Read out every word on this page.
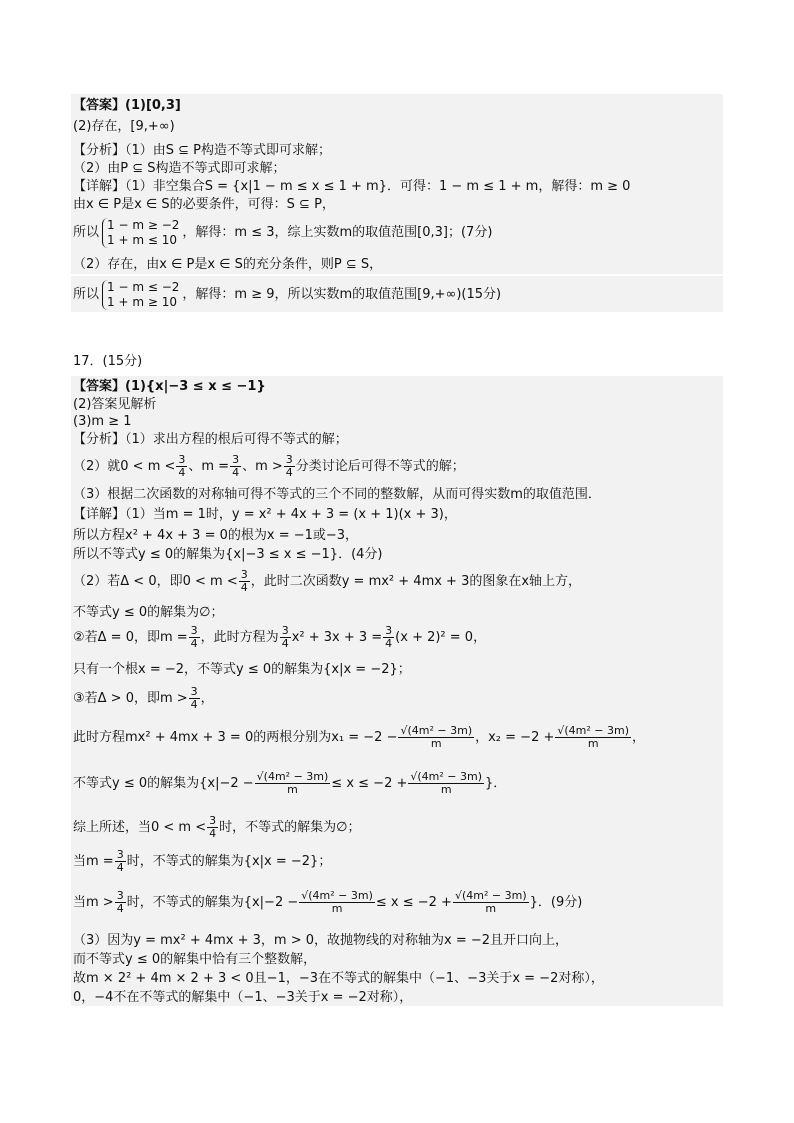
【答案】(1)[0,3]
(2)存在，[9,+∞)
【分析】（1）由S ⊆ P构造不等式即可求解；
（2）由P ⊆ S构造不等式即可求解；
【详解】（1）非空集合S = {x|1 − m ≤ x ≤ 1 + m}．可得：1 − m ≤ 1 + m，解得：m ≥ 0
由x ∈ P是x ∈ S的必要条件，可得：S ⊆ P，
所以
1 − m ≥ −2
1 + m ≤ 10 ，解得：m ≤ 3，综上实数m的取值范围[0,3]；(7分)
（2）存在，由x ∈ P是x ∈ S的充分条件，则P ⊆ S，
所以
1 − m ≤ −2
1 + m ≥ 10 ，解得：m ≥ 9，所以实数m的取值范围[9,+∞)(15分)
17．(15分)
【答案】(1){x|−3 ≤ x ≤ −1}
(2)答案见解析
(3)m ≥ 1
【分析】（1）求出方程的根后可得不等式的解；
（2）就$0 < m < \frac{3}{4}$ 、$m = \frac{3}{4}$ 、$m > \frac{3}{4}$ 分类讨论后可得不等式的解；
（3）根据二次函数的对称轴可得不等式的三个不同的整数解，从而可得实数m的取值范围．
【详解】（1）当m = 1时，y = x² + 4x + 3 = (x + 1)(x + 3)，
所以方程x² + 4x + 3 = 0的根为x = −1或−3，
所以不等式y ≤ 0的解集为{x|−3 ≤ x ≤ −1}．(4分)
（2）若Δ < 0，即$0 < m < \frac{3}{4}$ ，此时二次函数y = mx² + 4mx + 3的图象在x轴上方，
不等式y ≤ 0的解集为∅；
②若Δ = 0，即$m = \frac{3}{4}$ ，此时方程为 $\frac{3}{4} x^2 + 3x + 3 = \frac{3}{4} (x + 2)^2 = 0$，
只有一个根x = −2，不等式y ≤ 0的解集为{x|x = −2}；
③若Δ > 0，即$m > \frac{3}{4}$ ，
此时方程mx² + 4mx + 3 = 0的两根分别为$x_1 = -2 - \frac{\text{√(4m² − 3m)}}{m}$ ，$x_2 = -2 + \frac{\text{√(4m² − 3m)}}{m}$ ，
不等式y ≤ 0的解集为{$x|-2 - \frac{\text{√(4m² − 3m)}}{m} \le x \le -2 + \frac{\text{√(4m² − 3m)}}{m}$ }．
综上所述，当$0 < m < \frac{3}{4}$ 时，不等式的解集为∅；
当$m = \frac{3}{4}$ 时，不等式的解集为{x|x = −2}；
当$m > \frac{3}{4}$ 时，不等式的解集为{$x|-2 - \frac{\text{√(4m² − 3m)}}{m} \le x \le -2 + \frac{\text{√(4m² − 3m)}}{m}$ }．(9分)
（3）因为y = mx² + 4mx + 3，m > 0，故抛物线的对称轴为x = −2且开口向上，
而不等式y ≤ 0的解集中恰有三个整数解，
故m × 2² + 4m × 2 + 3 < 0且−1，−3在不等式的解集中（−1、−3关于x = −2对称），
0，−4不在不等式的解集中（−1、−3关于x = −2对称），
